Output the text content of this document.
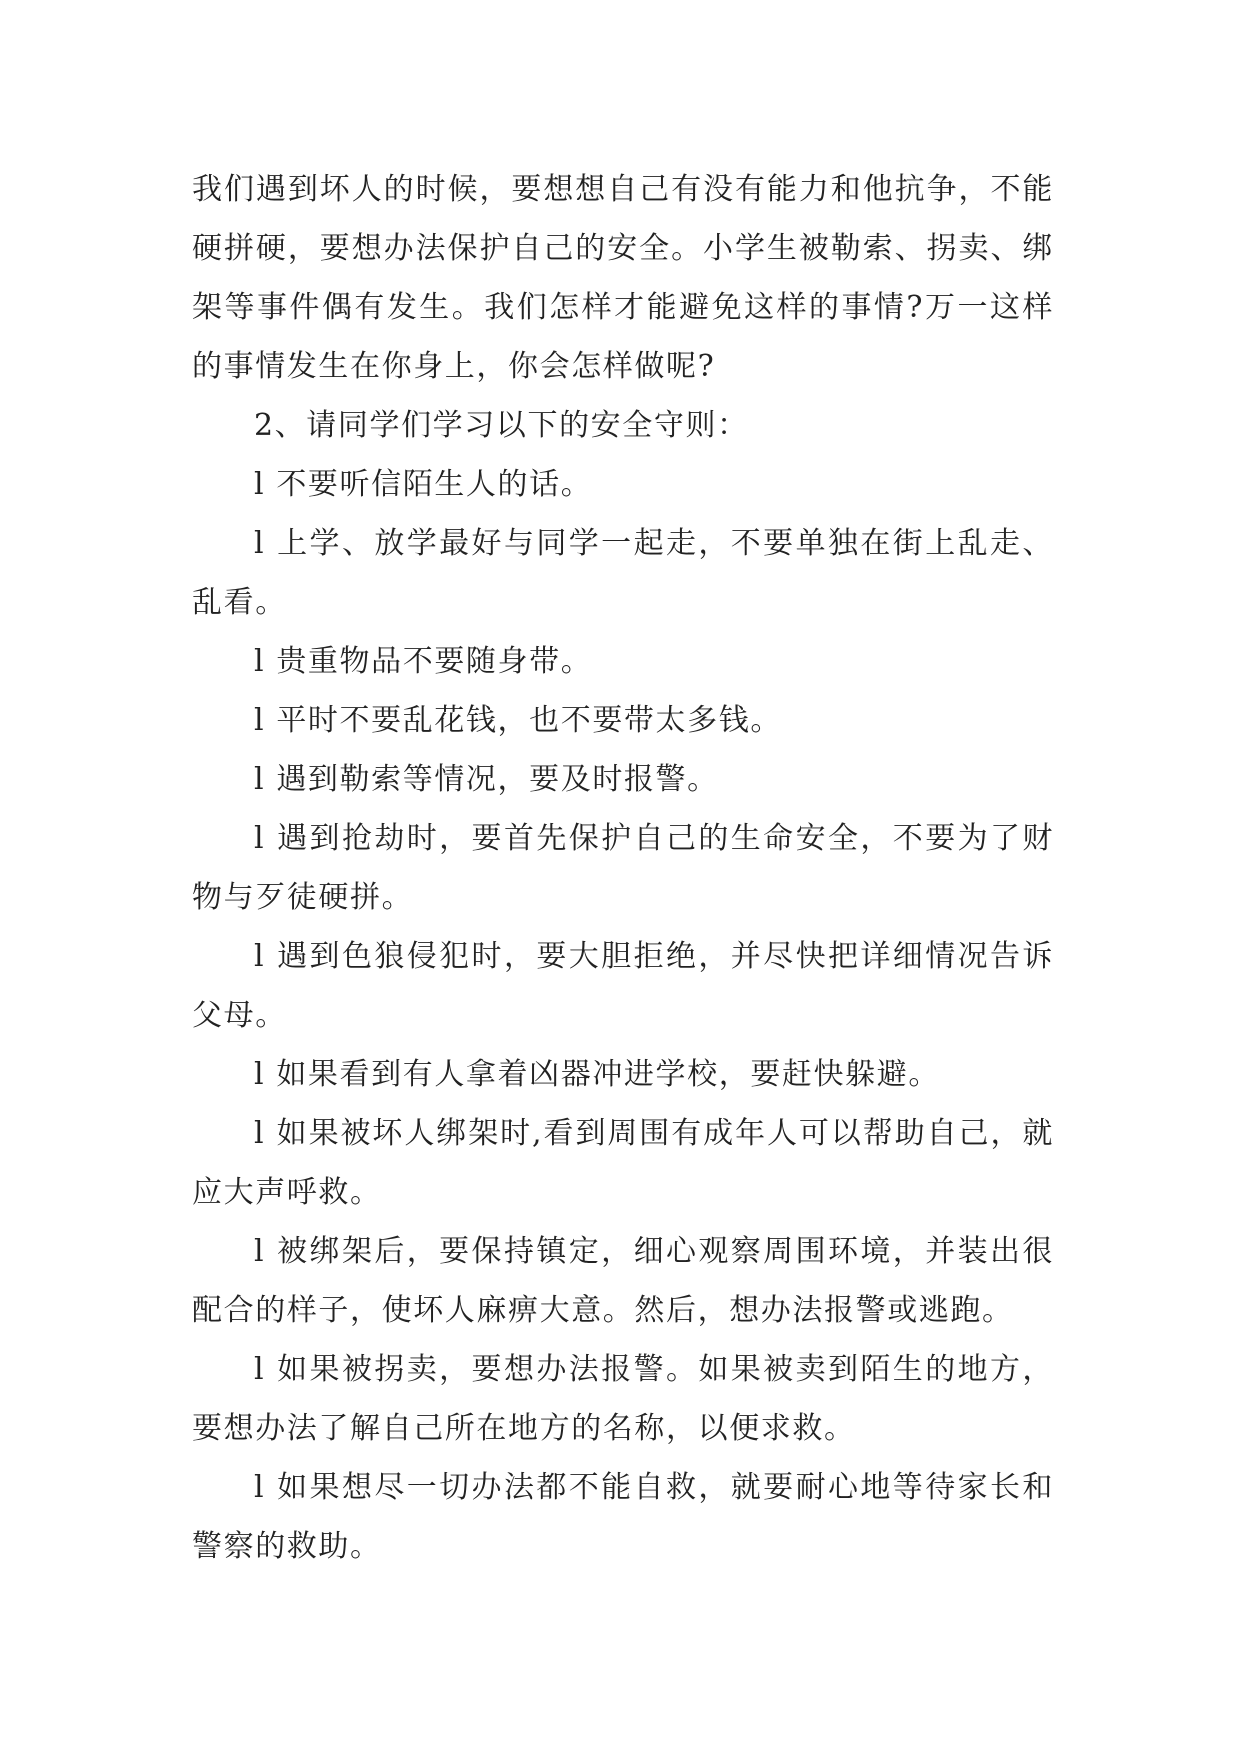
我们遇到坏人的时候，要想想自己有没有能力和他抗争，不能硬拼硬，要想办法保护自己的安全。小学生被勒索、拐卖、绑架等事件偶有发生。我们怎样才能避免这样的事情?万一这样的事情发生在你身上，你会怎样做呢?

2、请同学们学习以下的安全守则：

l 不要听信陌生人的话。

l 上学、放学最好与同学一起走，不要单独在街上乱走、乱看。

l 贵重物品不要随身带。

l 平时不要乱花钱，也不要带太多钱。

l 遇到勒索等情况，要及时报警。

l 遇到抢劫时，要首先保护自己的生命安全，不要为了财物与歹徒硬拼。

l 遇到色狼侵犯时，要大胆拒绝，并尽快把详细情况告诉父母。

l 如果看到有人拿着凶器冲进学校，要赶快躲避。

l 如果被坏人绑架时,看到周围有成年人可以帮助自己，就应大声呼救。

l 被绑架后，要保持镇定，细心观察周围环境，并装出很配合的样子，使坏人麻痹大意。然后，想办法报警或逃跑。

l 如果被拐卖，要想办法报警。如果被卖到陌生的地方，要想办法了解自己所在地方的名称，以便求救。

l 如果想尽一切办法都不能自救，就要耐心地等待家长和警察的救助。
